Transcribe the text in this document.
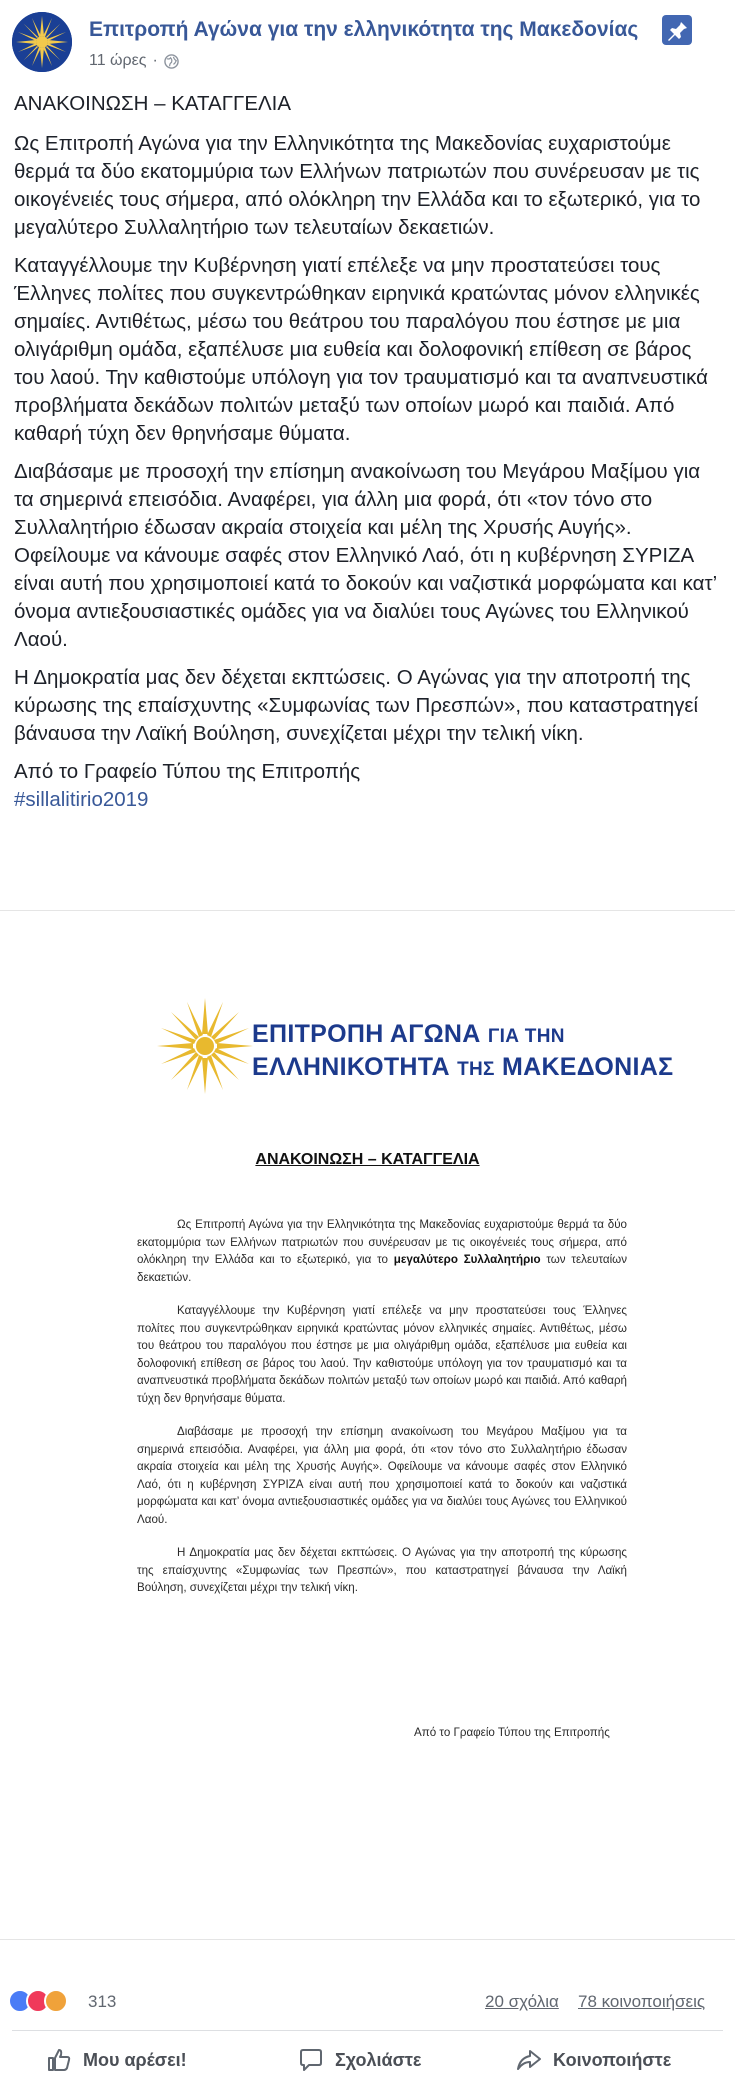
Επιτροπή Αγώνα για την ελληνικότητα της Μακεδονίας
11 ώρες ·

ΑΝΑΚΟΙΝΩΣΗ – ΚΑΤΑΓΓΕΛΙΑ

Ως Επιτροπή Αγώνα για την Ελληνικότητα της Μακεδονίας ευχαριστούμε θερμά τα δύο εκατομμύρια των Ελλήνων πατριωτών που συνέρευσαν με τις οικογένειές τους σήμερα, από ολόκληρη την Ελλάδα και το εξωτερικό, για το μεγαλύτερο Συλλαλητήριο των τελευταίων δεκαετιών.

Καταγγέλλουμε την Κυβέρνηση γιατί επέλεξε να μην προστατεύσει τους Έλληνες πολίτες που συγκεντρώθηκαν ειρηνικά κρατώντας μόνον ελληνικές σημαίες. Αντιθέτως, μέσω του θεάτρου του παραλόγου που έστησε με μια ολιγάριθμη ομάδα, εξαπέλυσε μια ευθεία και δολοφονική επίθεση σε βάρος του λαού. Την καθιστούμε υπόλογη για τον τραυματισμό και τα αναπνευστικά προβλήματα δεκάδων πολιτών μεταξύ των οποίων μωρό και παιδιά. Από καθαρή τύχη δεν θρηνήσαμε θύματα.

Διαβάσαμε με προσοχή την επίσημη ανακοίνωση του Μεγάρου Μαξίμου για τα σημερινά επεισόδια. Αναφέρει, για άλλη μια φορά, ότι «τον τόνο στο Συλλαλητήριο έδωσαν ακραία στοιχεία και μέλη της Χρυσής Αυγής». Οφείλουμε να κάνουμε σαφές στον Ελληνικό Λαό, ότι η κυβέρνηση ΣΥΡΙΖΑ είναι αυτή που χρησιμοποιεί κατά το δοκούν και ναζιστικά μορφώματα και κατ’ όνομα αντιεξουσιαστικές ομάδες για να διαλύει τους Αγώνες του Ελληνικού Λαού.

Η Δημοκρατία μας δεν δέχεται εκπτώσεις. Ο Αγώνας για την αποτροπή της κύρωσης της επαίσχυντης «Συμφωνίας των Πρεσπών», που καταστρατηγεί βάναυσα την Λαϊκή Βούληση, συνεχίζεται μέχρι την τελική νίκη.

Από το Γραφείο Τύπου της Επιτροπής

#sillalitirio2019

ΕΠΙΤΡΟΠΗ ΑΓΩΝΑ ΓΙΑ ΤΗΝ
ΕΛΛΗΝΙΚΟΤΗΤΑ ΤΗΣ ΜΑΚΕΔΟΝΙΑΣ
ΑΝΑΚΟΙΝΩΣΗ – ΚΑΤΑΓΓΕΛΙΑ

Ως Επιτροπή Αγώνα για την Ελληνικότητα της Μακεδονίας ευχαριστούμε θερμά τα δύο εκατομμύρια των Ελλήνων πατριωτών που συνέρευσαν με τις οικογένειές τους σήμερα, από ολόκληρη την Ελλάδα και το εξωτερικό, για το μεγαλύτερο Συλλαλητήριο των τελευταίων δεκαετιών.

Καταγγέλλουμε την Κυβέρνηση γιατί επέλεξε να μην προστατεύσει τους Έλληνες πολίτες που συγκεντρώθηκαν ειρηνικά κρατώντας μόνον ελληνικές σημαίες. Αντιθέτως, μέσω του θεάτρου του παραλόγου που έστησε με μια ολιγάριθμη ομάδα, εξαπέλυσε μια ευθεία και δολοφονική επίθεση σε βάρος του λαού. Την καθιστούμε υπόλογη για τον τραυματισμό και τα αναπνευστικά προβλήματα δεκάδων πολιτών μεταξύ των οποίων μωρό και παιδιά. Από καθαρή τύχη δεν θρηνήσαμε θύματα.

Διαβάσαμε με προσοχή την επίσημη ανακοίνωση του Μεγάρου Μαξίμου για τα σημερινά επεισόδια. Αναφέρει, για άλλη μια φορά, ότι «τον τόνο στο Συλλαλητήριο έδωσαν ακραία στοιχεία και μέλη της Χρυσής Αυγής». Οφείλουμε να κάνουμε σαφές στον Ελληνικό Λαό, ότι η κυβέρνηση ΣΥΡΙΖΑ είναι αυτή που χρησιμοποιεί κατά το δοκούν και ναζιστικά μορφώματα και κατ’ όνομα αντιεξουσιαστικές ομάδες για να διαλύει τους Αγώνες του Ελληνικού Λαού.

Η Δημοκρατία μας δεν δέχεται εκπτώσεις. Ο Αγώνας για την αποτροπή της κύρωσης της επαίσχυντης «Συμφωνίας των Πρεσπών», που καταστρατηγεί βάναυσα την Λαϊκή Βούληση, συνεχίζεται μέχρι την τελική νίκη.

Από το Γραφείο Τύπου της Επιτροπής
313	20 σχόλια 78 κοινοποιήσεις
Μου αρέσει!	Σχολιάστε	Κοινοποιήστε
